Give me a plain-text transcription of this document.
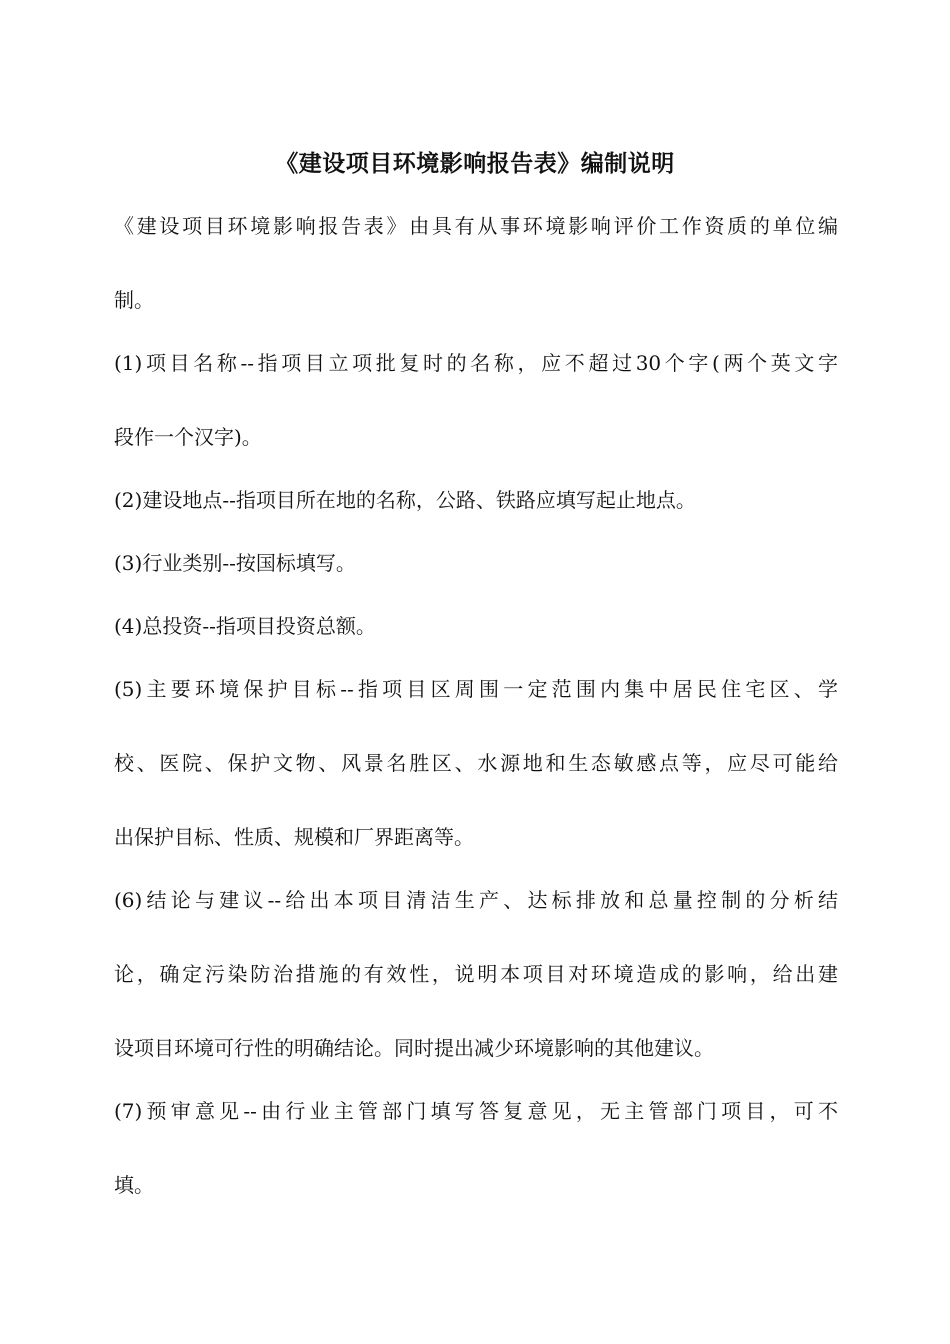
《建设项目环境影响报告表》编制说明

《建设项目环境影响报告表》由具有从事环境影响评价工作资质的单位编

制。

(1)项目名称--指项目立项批复时的名称，应不超过30个字(两个英文字

段作一个汉字)。

(2)建设地点--指项目所在地的名称，公路、铁路应填写起止地点。

(3)行业类别--按国标填写。

(4)总投资--指项目投资总额。

(5)主要环境保护目标--指项目区周围一定范围内集中居民住宅区、学

校、医院、保护文物、风景名胜区、水源地和生态敏感点等，应尽可能给

出保护目标、性质、规模和厂界距离等。

(6)结论与建议--给出本项目清洁生产、达标排放和总量控制的分析结

论，确定污染防治措施的有效性，说明本项目对环境造成的影响，给出建

设项目环境可行性的明确结论。同时提出减少环境影响的其他建议。

(7)预审意见--由行业主管部门填写答复意见，无主管部门项目，可不

填。
